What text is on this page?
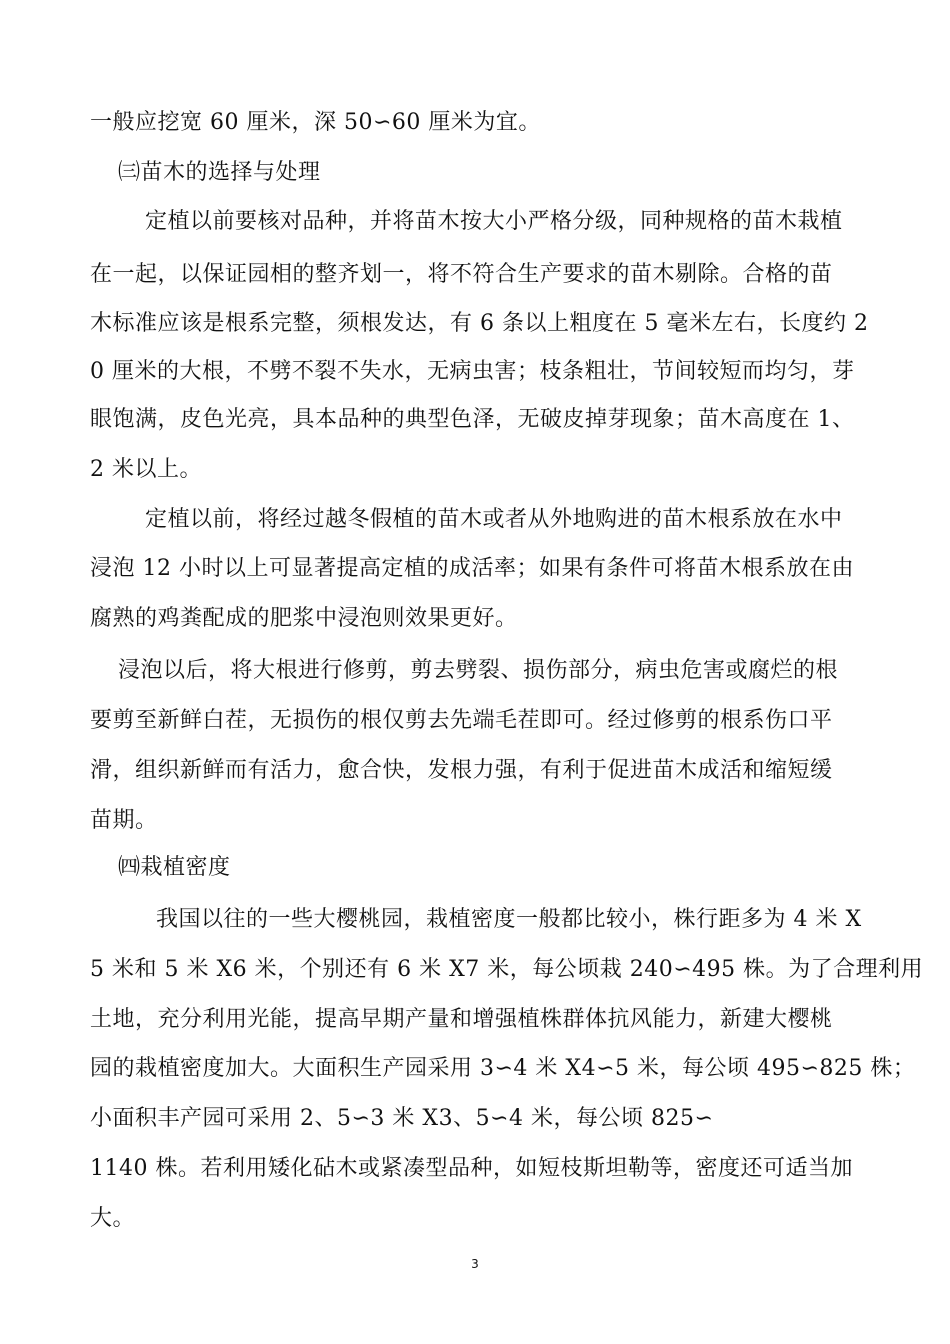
一般应挖宽 60 厘米，深 50∽60 厘米为宜。
㈢苗木的选择与处理
定植以前要核对品种，并将苗木按大小严格分级，同种规格的苗木栽植
在一起，以保证园相的整齐划一，将不符合生产要求的苗木剔除。合格的苗
木标准应该是根系完整，须根发达，有 6 条以上粗度在 5 毫米左右，长度约 2
0 厘米的大根，不劈不裂不失水，无病虫害；枝条粗壮，节间较短而均匀，芽
眼饱满，皮色光亮，具本品种的典型色泽，无破皮掉芽现象；苗木高度在 1、
2 米以上。
定植以前，将经过越冬假植的苗木或者从外地购进的苗木根系放在水中
浸泡 12 小时以上可显著提高定植的成活率；如果有条件可将苗木根系放在由
腐熟的鸡粪配成的肥浆中浸泡则效果更好。
浸泡以后，将大根进行修剪，剪去劈裂、损伤部分，病虫危害或腐烂的根
要剪至新鲜白茬，无损伤的根仅剪去先端毛茬即可。经过修剪的根系伤口平
滑，组织新鲜而有活力，愈合快，发根力强，有利于促进苗木成活和缩短缓
苗期。
㈣栽植密度
我国以往的一些大樱桃园，栽植密度一般都比较小，株行距多为 4 米 X
5 米和 5 米 X6 米，个别还有 6 米 X7 米，每公顷栽 240∽495 株。为了合理利用
土地，充分利用光能，提高早期产量和增强植株群体抗风能力，新建大樱桃
园的栽植密度加大。大面积生产园采用 3∽4 米 X4∽5 米，每公顷 495∽825 株；
小面积丰产园可采用 2、5∽3 米 X3、5∽4 米，每公顷 825∽
1140 株。若利用矮化砧木或紧凑型品种，如短枝斯坦勒等，密度还可适当加
大。
3
